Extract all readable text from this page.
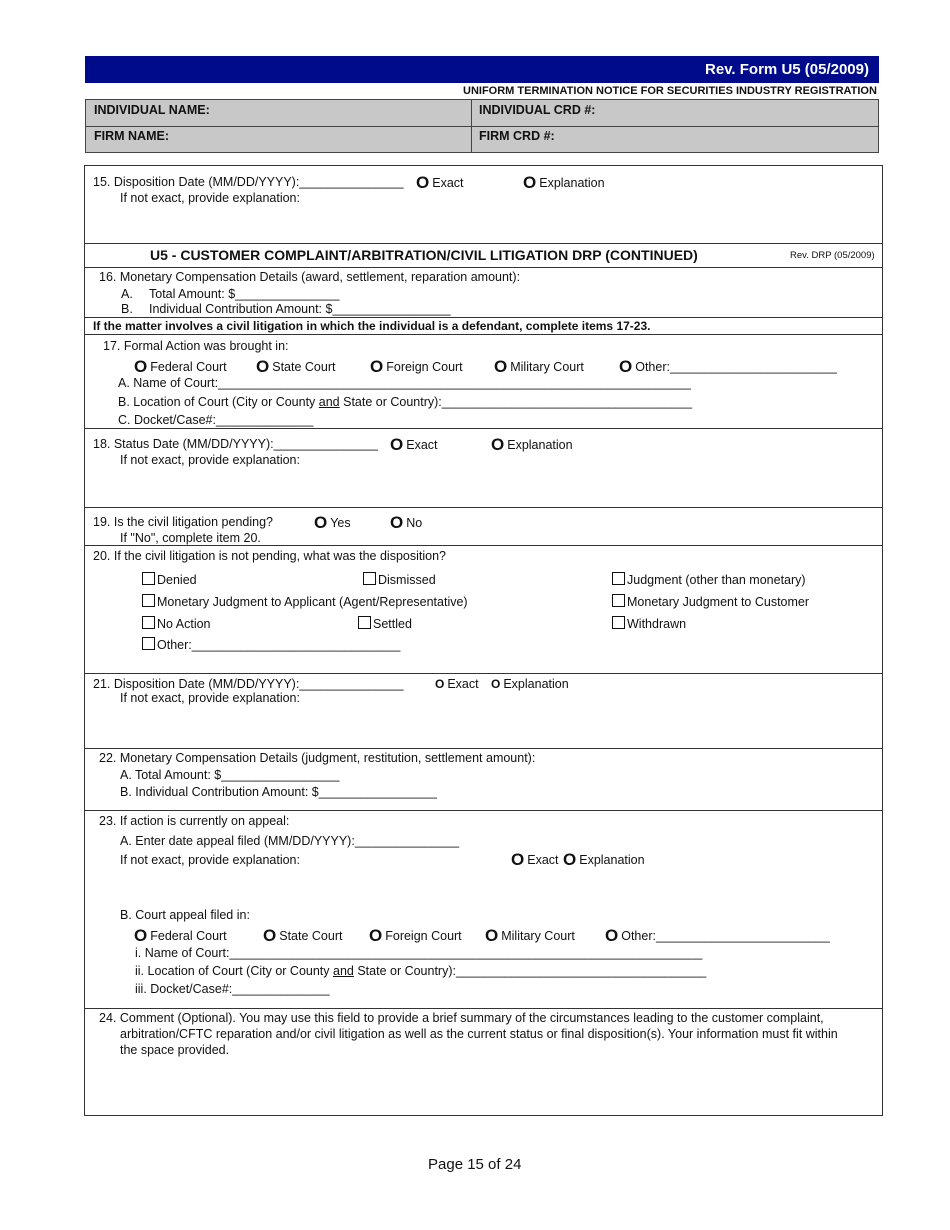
Rev. Form U5 (05/2009)
UNIFORM TERMINATION NOTICE FOR SECURITIES INDUSTRY REGISTRATION
INDIVIDUAL NAME:	INDIVIDUAL CRD #:
FIRM NAME:	FIRM CRD #:
15. Disposition Date (MM/DD/YYYY):_______________ O Exact	O Explanation
If not exact, provide explanation:
U5 - CUSTOMER COMPLAINT/ARBITRATION/CIVIL LITIGATION DRP (CONTINUED)	Rev. DRP (05/2009)
16. Monetary Compensation Details (award, settlement, reparation amount):
A. Total Amount: $_______________
B. Individual Contribution Amount: $_________________
If the matter involves a civil litigation in which the individual is a defendant, complete items 17-23.
17. Formal Action was brought in:
O Federal Court O State Court O Foreign Court O Military Court O Other:________________________
A. Name of Court:____________________________________________________________________
B. Location of Court (City or County and State or Country):____________________________________
C. Docket/Case#:______________
18. Status Date (MM/DD/YYYY):_______________ O Exact	O Explanation
If not exact, provide explanation:
19. Is the civil litigation pending? O Yes O No
If "No", complete item 20.
20. If the civil litigation is not pending, what was the disposition?
Denied	Dismissed	Judgment (other than monetary)
Monetary Judgment to Applicant (Agent/Representative)	Monetary Judgment to Customer
No Action	Settled	Withdrawn
Other:______________________________
21. Disposition Date (MM/DD/YYYY):_______________	O Exact O Explanation
If not exact, provide explanation:
22. Monetary Compensation Details (judgment, restitution, settlement amount):
A. Total Amount: $_________________
B. Individual Contribution Amount: $_________________
23. If action is currently on appeal:
A. Enter date appeal filed (MM/DD/YYYY):_______________
If not exact, provide explanation:	O Exact O Explanation
B. Court appeal filed in:
O Federal Court O State Court O Foreign Court O Military Court O Other:_________________________
i. Name of Court:____________________________________________________________________
ii. Location of Court (City or County and State or Country):____________________________________
iii. Docket/Case#:______________
24. Comment (Optional). You may use this field to provide a brief summary of the circumstances leading to the customer complaint,
arbitration/CFTC reparation and/or civil litigation as well as the current status or final disposition(s). Your information must fit within
the space provided.
Page 15 of 24
